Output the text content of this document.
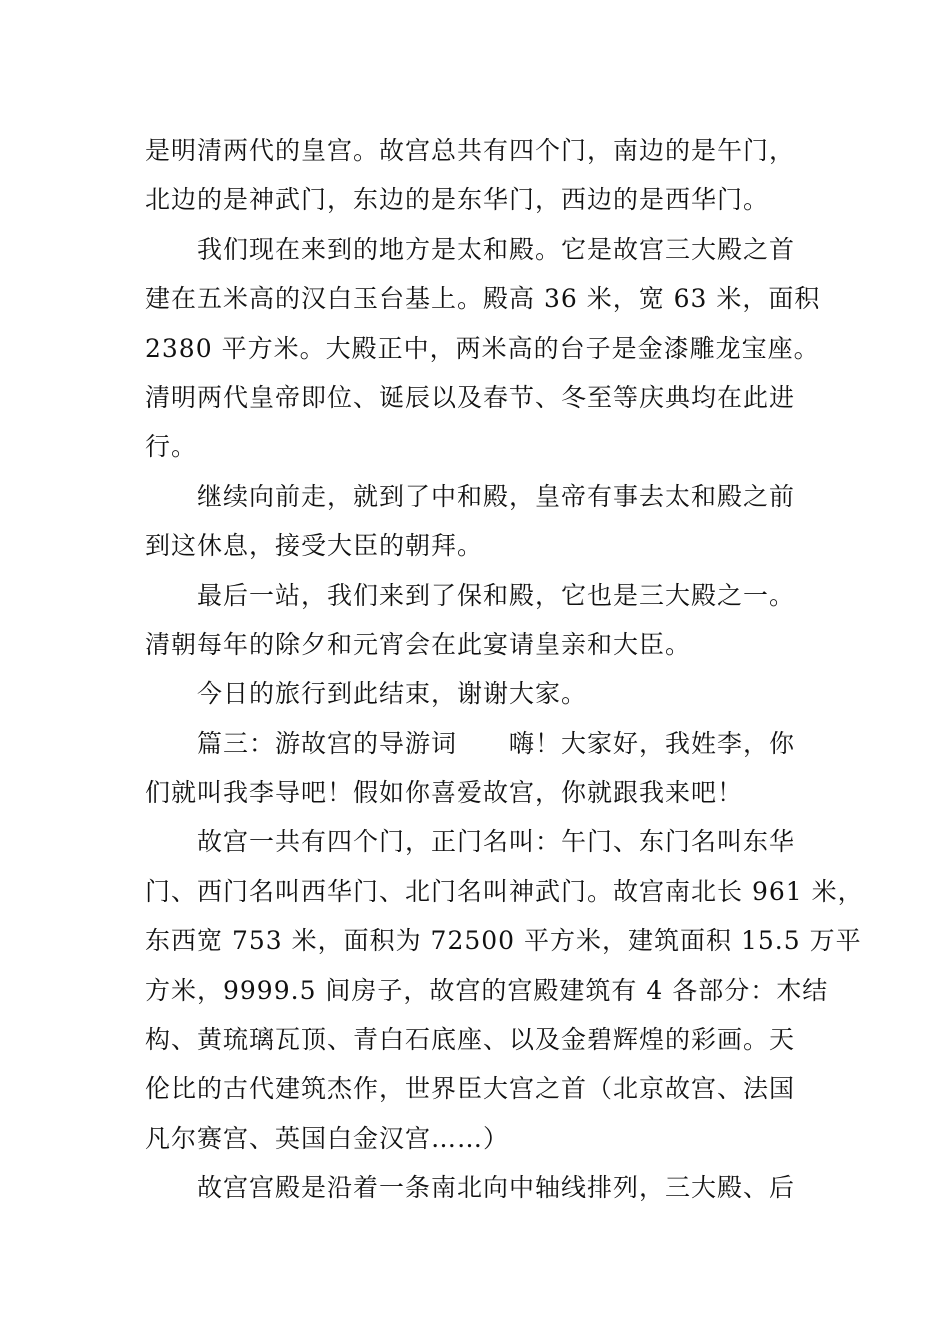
是明清两代的皇宫。故宫总共有四个门，南边的是午门，
北边的是神武门，东边的是东华门，西边的是西华门。
我们现在来到的地方是太和殿。它是故宫三大殿之首
建在五米高的汉白玉台基上。殿高 36 米，宽 63 米，面积
2380 平方米。大殿正中，两米高的台子是金漆雕龙宝座。
清明两代皇帝即位、诞辰以及春节、冬至等庆典均在此进
行。
继续向前走，就到了中和殿，皇帝有事去太和殿之前
到这休息，接受大臣的朝拜。
最后一站，我们来到了保和殿，它也是三大殿之一。
清朝每年的除夕和元宵会在此宴请皇亲和大臣。
今日的旅行到此结束，谢谢大家。
篇三：游故宫的导游词　　嗨！大家好，我姓李，你
们就叫我李导吧！假如你喜爱故宫，你就跟我来吧！
故宫一共有四个门，正门名叫：午门、东门名叫东华
门、西门名叫西华门、北门名叫神武门。故宫南北长 961 米，
东西宽 753 米，面积为 72500 平方米，建筑面积 15.5 万平
方米，9999.5 间房子，故宫的宫殿建筑有 4 各部分：木结
构、黄琉璃瓦顶、青白石底座、以及金碧辉煌的彩画。天
伦比的古代建筑杰作，世界臣大宫之首（北京故宫、法国
凡尔赛宫、英国白金汉宫……）
故宫宫殿是沿着一条南北向中轴线排列，三大殿、后
